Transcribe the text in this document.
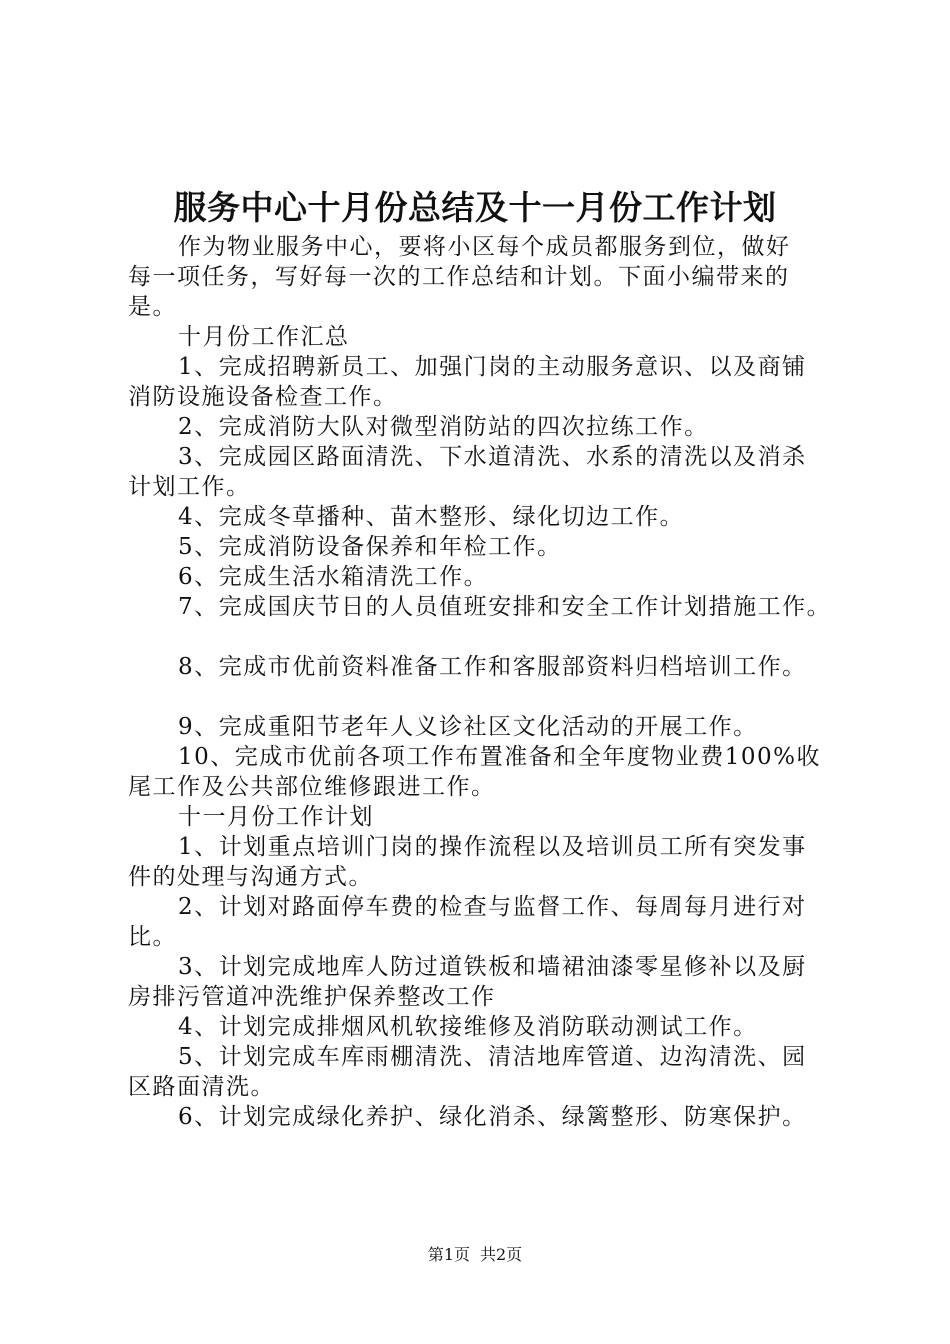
服务中心十月份总结及十一月份工作计划
作为物业服务中心，要将小区每个成员都服务到位，做好
每一项任务，写好每一次的工作总结和计划。下面小编带来的
是。
十月份工作汇总
1、完成招聘新员工、加强门岗的主动服务意识、以及商铺
消防设施设备检查工作。
2、完成消防大队对微型消防站的四次拉练工作。
3、完成园区路面清洗、下水道清洗、水系的清洗以及消杀
计划工作。
4、完成冬草播种、苗木整形、绿化切边工作。
5、完成消防设备保养和年检工作。
6、完成生活水箱清洗工作。
7、完成国庆节日的人员值班安排和安全工作计划措施工作。
8、完成市优前资料准备工作和客服部资料归档培训工作。
9、完成重阳节老年人义诊社区文化活动的开展工作。
10、完成市优前各项工作布置准备和全年度物业费100%收
尾工作及公共部位维修跟进工作。
十一月份工作计划
1、计划重点培训门岗的操作流程以及培训员工所有突发事
件的处理与沟通方式。
2、计划对路面停车费的检查与监督工作、每周每月进行对
比。
3、计划完成地库人防过道铁板和墙裙油漆零星修补以及厨
房排污管道冲洗维护保养整改工作
4、计划完成排烟风机软接维修及消防联动测试工作。
5、计划完成车库雨棚清洗、清洁地库管道、边沟清洗、园
区路面清洗。
6、计划完成绿化养护、绿化消杀、绿篱整形、防寒保护。
第1页 共2页
